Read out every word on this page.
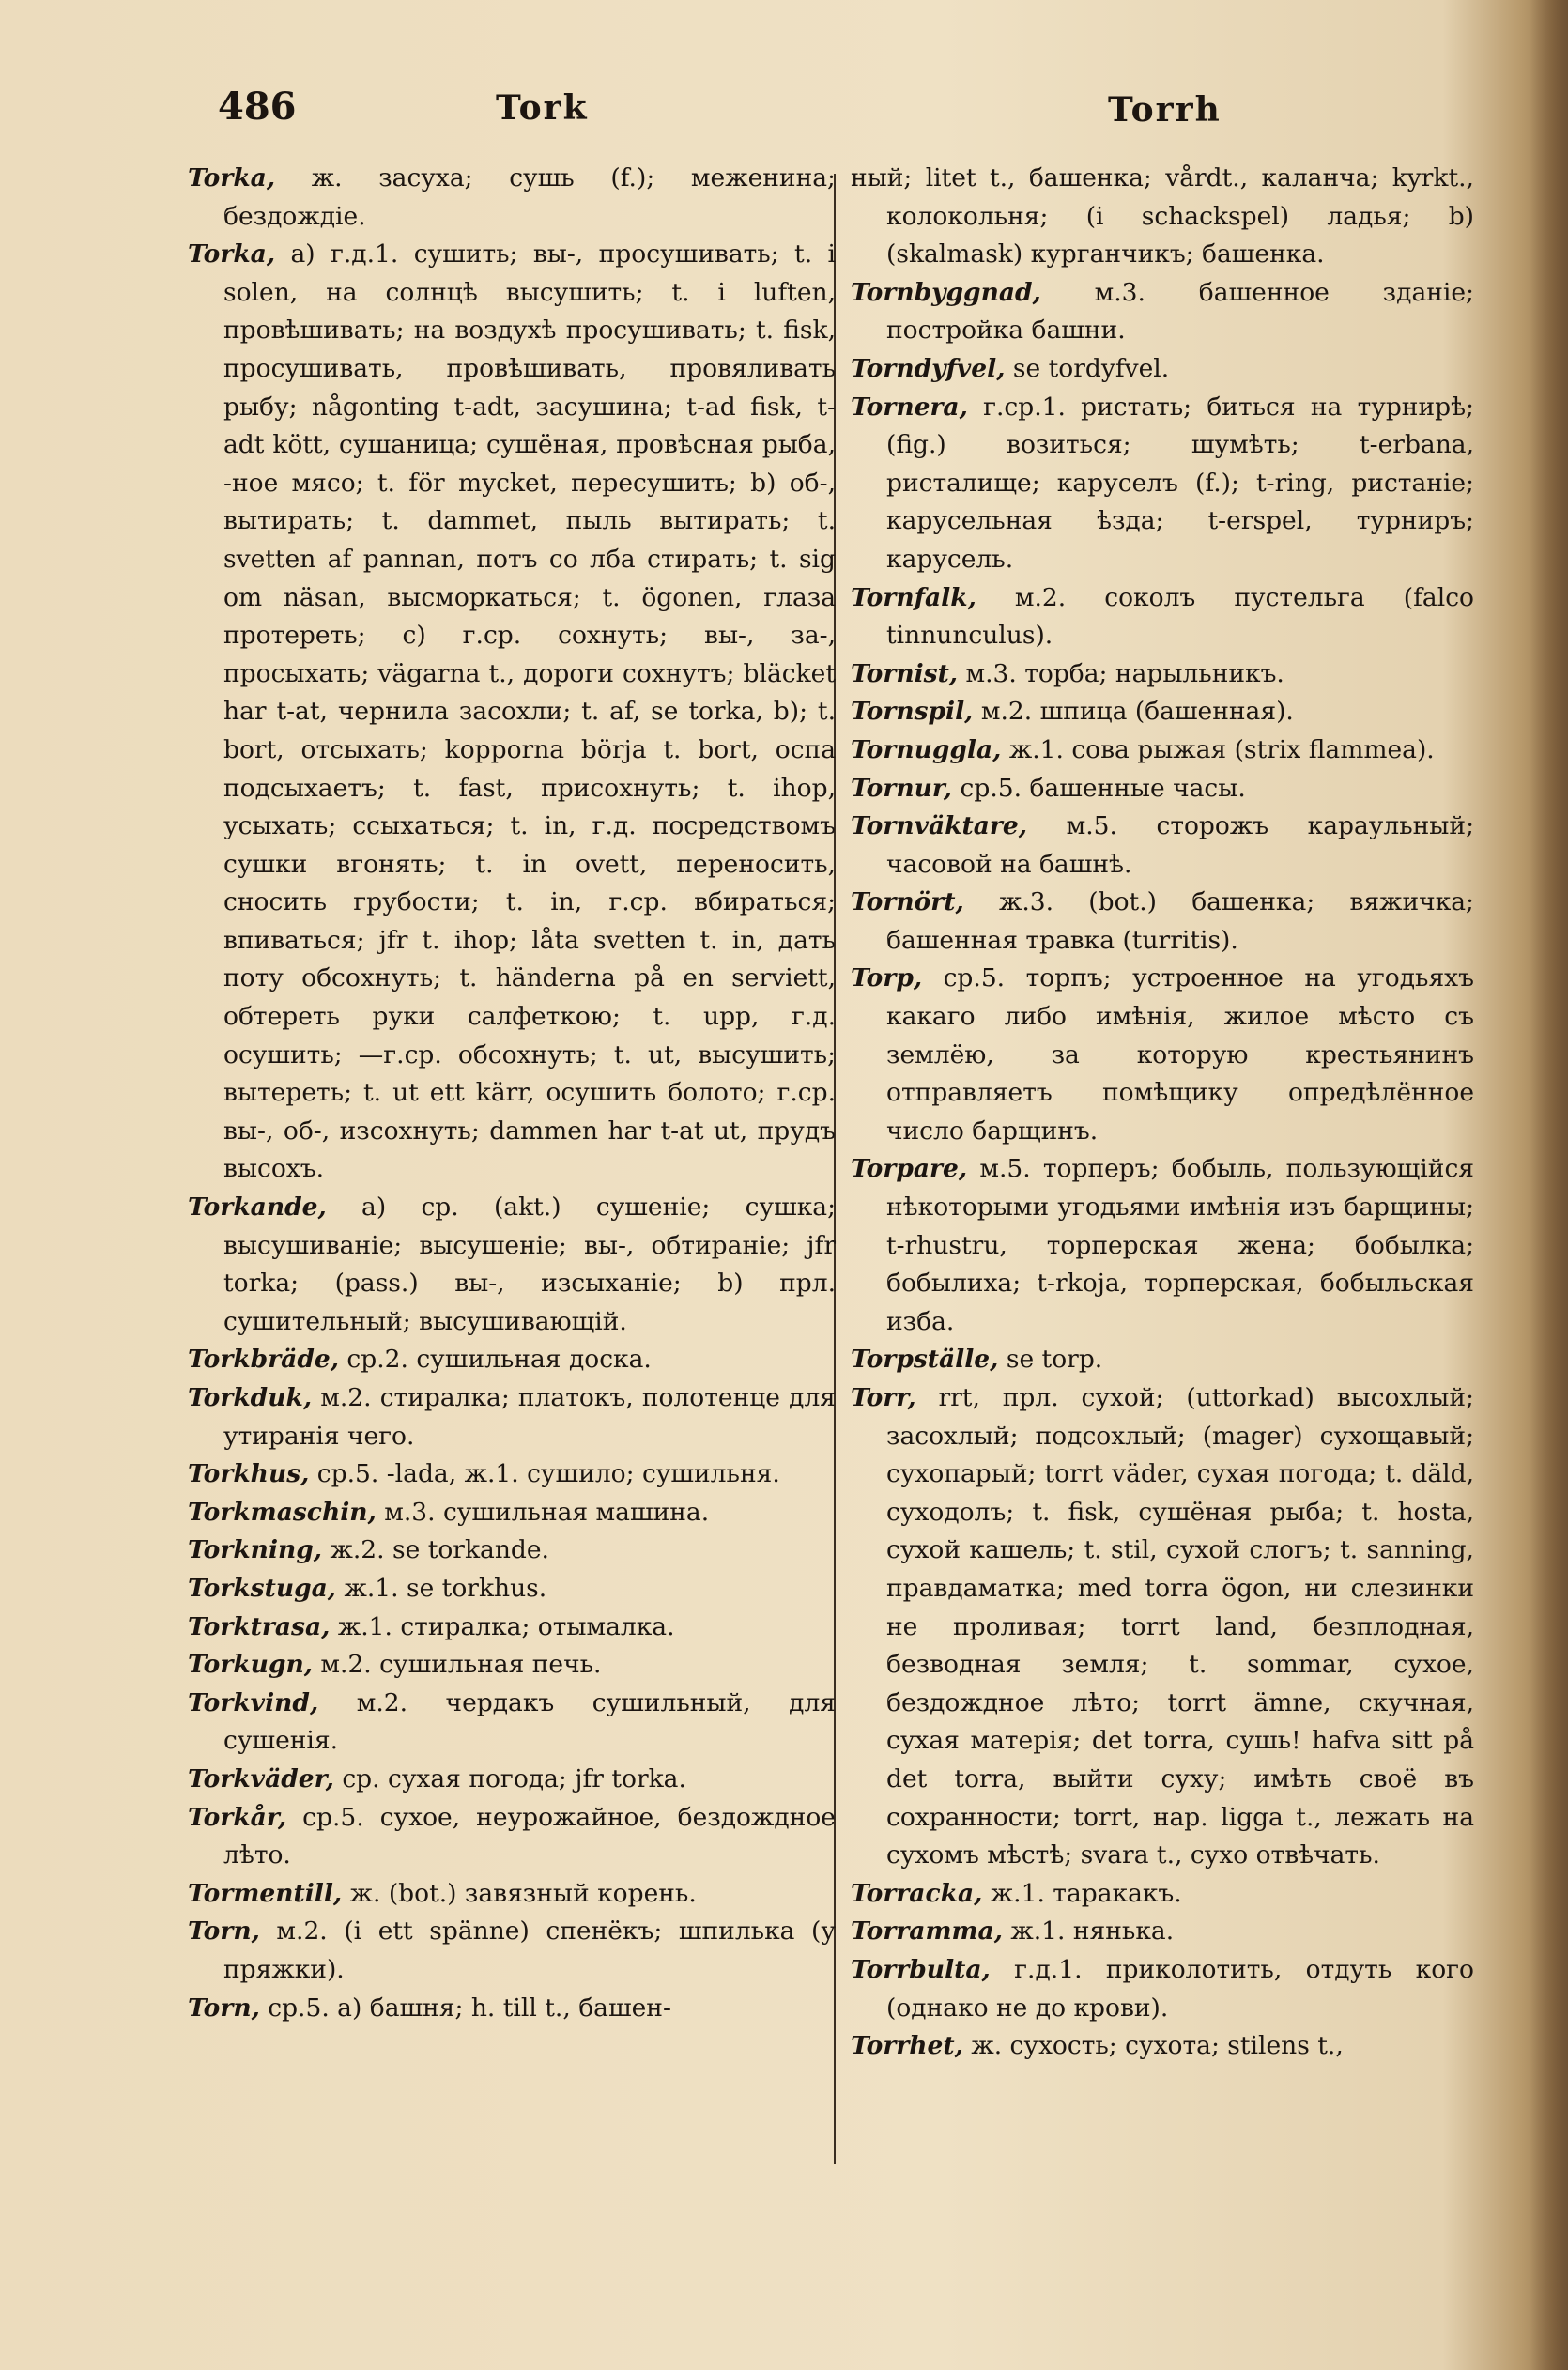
486	Tork	Torrh

Torka, ж. засуха; сушь (f.); меженина; бездождіе.

Torka, a) г.д.1. сушить; вы-, просушивать; t. i solen, на солнцѣ высушить; t. i luften, провѣшивать; на воздухѣ просушивать; t. fisk, просушивать, провѣшивать, провяливать рыбу; någonting t-adt, засушина; t-ad fisk, t-adt kött, сушаница; сушёная, провѣсная рыба, -ное мясо; t. för mycket, пересушить; b) об-, вытирать; t. dammet, пыль вытирать; t. svetten af pannan, потъ со лба стирать; t. sig om näsan, высморкаться; t. ögonen, глаза протереть; c) г.ср. сохнуть; вы-, за-, просыхать; vägarna t., дороги сохнутъ; bläcket har t-at, чернила засохли; t. af, se torka, b); t. bort, отсыхать; kopporna börja t. bort, оспа подсыхаетъ; t. fast, присохнуть; t. ihop, усыхать; ссыхаться; t. in, г.д. посредствомъ сушки вгонять; t. in ovett, переносить, сносить грубости; t. in, г.ср. вбираться; впиваться; jfr t. ihop; låta svetten t. in, дать поту обсохнуть; t. händerna på en serviett, обтереть руки салфеткою; t. upp, г.д. осушить; —г.ср. обсохнуть; t. ut, высушить; вытереть; t. ut ett kärr, осушить болото; г.ср. вы-, об-, изсохнуть; dammen har t-at ut, прудъ высохъ.

Torkande, a) ср. (akt.) сушеніе; сушка; высушиваніе; высушеніе; вы-, обтираніе; jfr torka; (pass.) вы-, изсыханіе; b) прл. сушительный; высушивающій.

Torkbräde, ср.2. сушильная доска.

Torkduk, м.2. стиралка; платокъ, полотенце для утиранія чего.

Torkhus, ср.5. -lada, ж.1. сушило; сушильня.

Torkmaschin, м.3. сушильная машина.

Torkning, ж.2. se torkande.

Torkstuga, ж.1. se torkhus.

Torktrasa, ж.1. стиралка; отымалка.

Torkugn, м.2. сушильная печь.

Torkvind, м.2. чердакъ сушильный, для сушенія.

Torkväder, ср. сухая погода; jfr torka.

Torkår, ср.5. сухое, неурожайное, бездождное лѣто.

Tormentill, ж. (bot.) завязный корень.

Torn, м.2. (i ett spänne) спенёкъ; шпилька (у пряжки).

Torn, ср.5. a) башня; h. till t., башен-

ный; litet t., башенка; vårdt., каланча; kyrkt., колокольня; (i schackspel) ладья; b) (skalmask) курганчикъ; башенка.

Tornbyggnad, м.3. башенное зданіе; постройка башни.

Torndyfvel, se tordyfvel.

Tornera, г.ср.1. ристать; биться на турнирѣ; (fig.) возиться; шумѣть; t-erbana, ристалище; каруселъ (f.); t-ring, ристаніе; карусельная ѣзда; t-erspel, турниръ; карусель.

Tornfalk, м.2. соколъ пустельга (falco tinnunculus).

Tornist, м.3. торба; нарыльникъ.

Tornspil, м.2. шпица (башенная).

Tornuggla, ж.1. сова рыжая (strix flammea).

Tornur, ср.5. башенные часы.

Tornväktare, м.5. сторожъ караульный; часовой на башнѣ.

Tornört, ж.3. (bot.) башенка; вяжичка; башенная травка (turritis).

Torp, ср.5. торпъ; устроенное на угодьяхъ какаго либо имѣнія, жилое мѣсто съ землёю, за которую крестьянинъ отправляетъ помѣщику опредѣлённое число барщинъ.

Torpare, м.5. торперъ; бобыль, пользующійся нѣкоторыми угодьями имѣнія изъ барщины; t-rhustru, торперская жена; бобылка; бобылиха; t-rkoja, торперская, бобыльская изба.

Torpställe, se torp.

Torr, rrt, прл. сухой; (uttorkad) высохлый; засохлый; подсохлый; (mager) сухощавый; сухопарый; torrt väder, сухая погода; t. däld, суходолъ; t. fisk, сушёная рыба; t. hosta, сухой кашель; t. stil, сухой слогъ; t. sanning, правдаматка; med torra ögon, ни слезинки не проливая; torrt land, безплодная, безводная земля; t. sommar, сухое, бездождное лѣто; torrt ämne, скучная, сухая матерія; det torra, сушь! hafva sitt på det torra, выйти суху; имѣть своё въ сохранности; torrt, нар. ligga t., лежать на сухомъ мѣстѣ; svara t., сухо отвѣчать.

Torracka, ж.1. таракакъ.

Torramma, ж.1. нянька.

Torrbulta, г.д.1. приколотить, отдуть кого (однако не до крови).

Torrhet, ж. сухость; сухота; stilens t.,
